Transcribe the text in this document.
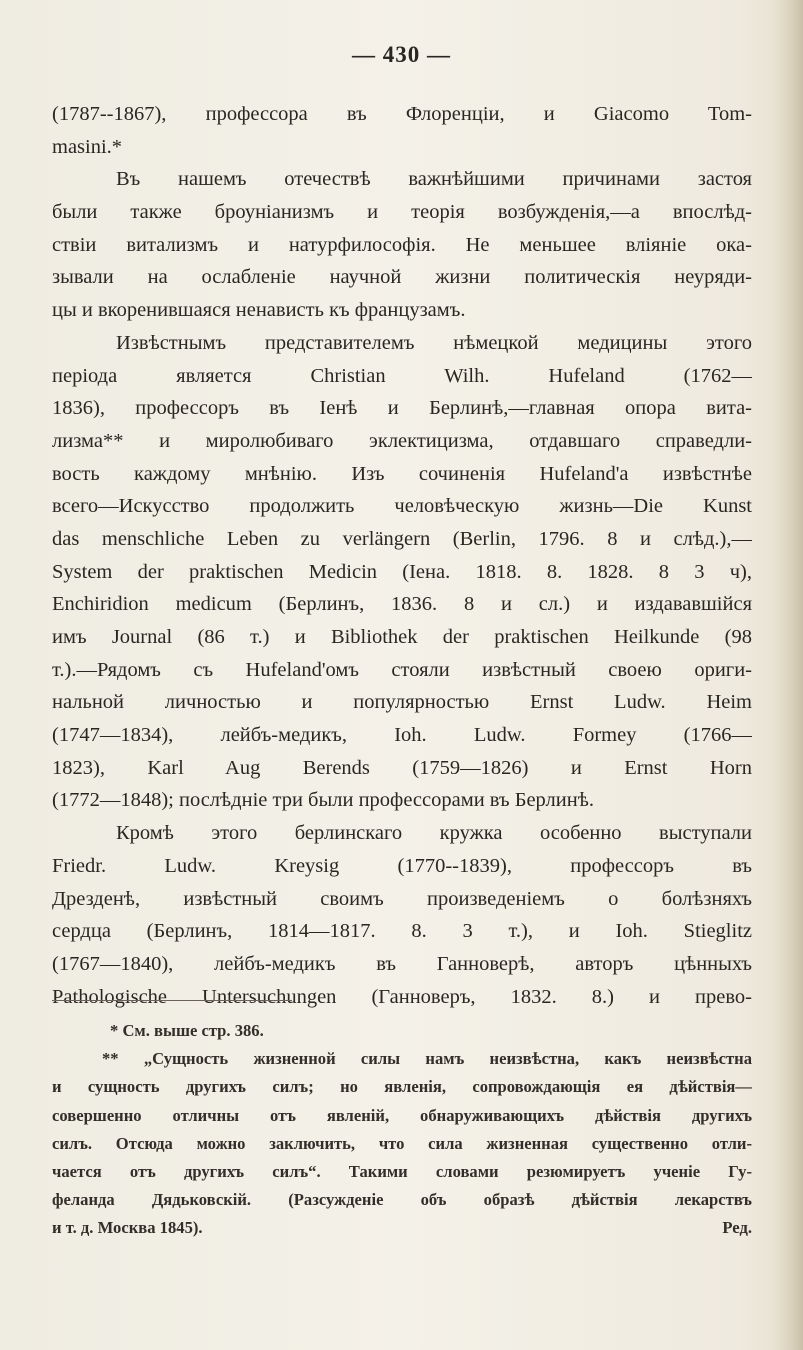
— 430 —
(1787--1867), профессора въ Флоренціи, и Giacomo Tom-
masini.*
Въ нашемъ отечествѣ важнѣйшими причинами застоя
были также броуніанизмъ и теорія возбужденія,—а впослѣд-
ствіи витализмъ и натурфилософія. Не меньшее вліяніе ока-
зывали на ослабленіе научной жизни политическія неуряди-
цы и вкоренившаяся ненависть къ французамъ.
Извѣстнымъ представителемъ нѣмецкой медицины этого
періода является Christian Wilh. Hufeland (1762—
1836), профессоръ въ Іенѣ и Берлинѣ,—главная опора вита-
лизма** и миролюбиваго эклектицизма, отдавшаго справедли-
вость каждому мнѣнію. Изъ сочиненія Hufeland'а извѣстнѣе
всего—Искусство продолжить человѣческую жизнь—Die Kunst
das menschliche Leben zu verlängern (Berlin, 1796. 8 и слѣд.),—
System der praktischen Medicin (Іена. 1818. 8. 1828. 8 3 ч),
Enchiridion medicum (Берлинъ, 1836. 8 и сл.) и издававшійся
имъ Journal (86 т.) и Bibliothek der praktischen Heilkunde (98
т.).—Рядомъ съ Hufeland'омъ стояли извѣстный своею ориги-
нальной личностью и популярностью Ernst Ludw. Heim
(1747—1834), лейбъ-медикъ, Ioh. Ludw. Formey (1766—
1823), Karl Aug Berends (1759—1826) и Ernst Horn
(1772—1848); послѣдніе три были профессорами въ Берлинѣ.
Кромѣ этого берлинскаго кружка особенно выступали
Friedr. Ludw. Kreysig (1770--1839), профессоръ въ
Дрезденѣ, извѣстный своимъ произведеніемъ о болѣзняхъ
сердца (Берлинъ, 1814—1817. 8. 3 т.), и Ioh. Stieglitz
(1767—1840), лейбъ-медикъ въ Ганноверѣ, авторъ цѣнныхъ
Pathologische Untersuchungen (Ганноверъ, 1832. 8.) и прево-
* См. выше стр. 386.
** „Сущность жизненной силы намъ неизвѣстна, какъ неизвѣстна
и сущность другихъ силъ; но явленія, сопровождающія ея дѣйствія—
совершенно отличны отъ явленій, обнаруживающихъ дѣйствія другихъ
силъ. Отсюда можно заключить, что сила жизненная существенно отли-
чается отъ другихъ силъ“. Такими словами резюмируетъ ученіе Гу-
феланда Дядьковскій. (Разсужденіе объ образѣ дѣйствія лекарствъ
и т. д. Москва 1845).	Ред.
